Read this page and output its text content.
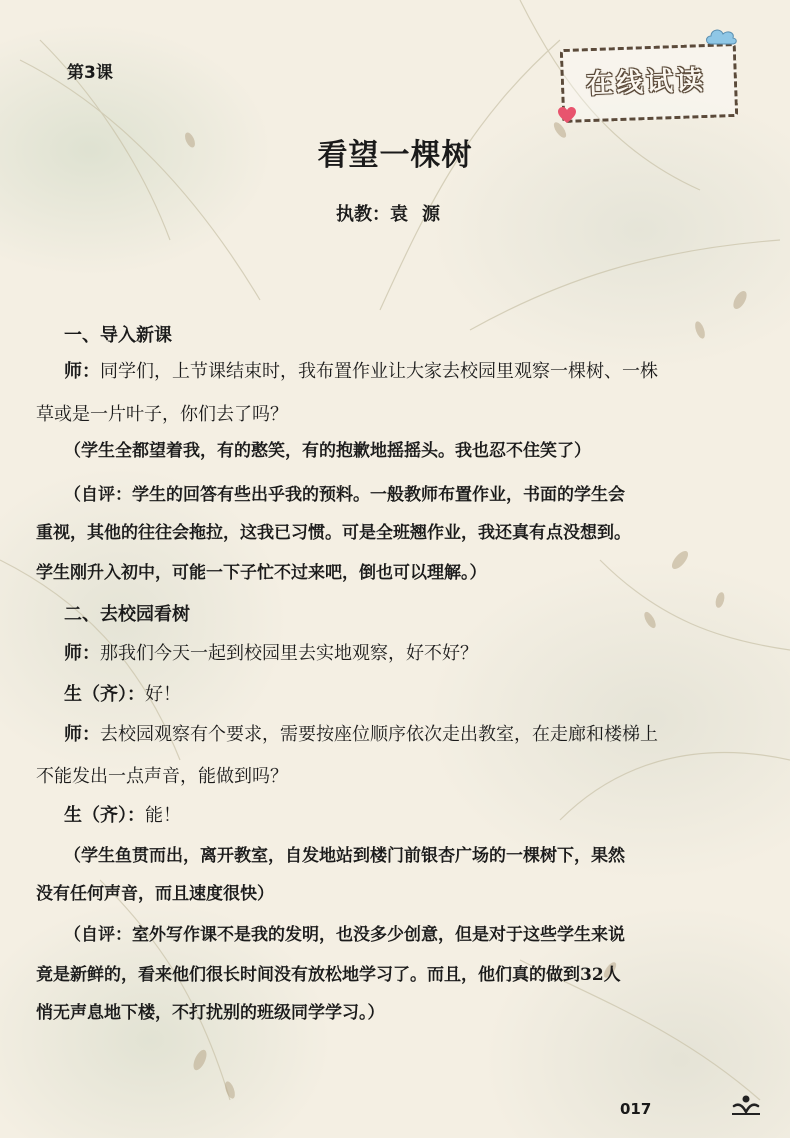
第3课	在线试读
看望一棵树
执教：袁源
一、导入新课
师：同学们，上节课结束时，我布置作业让大家去校园里观察一棵树、一株
草或是一片叶子，你们去了吗？
（学生全都望着我，有的憨笑，有的抱歉地摇摇头。我也忍不住笑了）
（自评：学生的回答有些出乎我的预料。一般教师布置作业，书面的学生会
重视，其他的往往会拖拉，这我已习惯。可是全班翘作业，我还真有点没想到。
学生刚升入初中，可能一下子忙不过来吧，倒也可以理解。）
二、去校园看树
师：那我们今天一起到校园里去实地观察，好不好？
生（齐）：好！
师：去校园观察有个要求，需要按座位顺序依次走出教室，在走廊和楼梯上
不能发出一点声音，能做到吗？
生（齐）：能！
（学生鱼贯而出，离开教室，自发地站到楼门前银杏广场的一棵树下，果然
没有任何声音，而且速度很快）
（自评：室外写作课不是我的发明，也没多少创意，但是对于这些学生来说
竟是新鲜的，看来他们很长时间没有放松地学习了。而且，他们真的做到32人
悄无声息地下楼，不打扰别的班级同学学习。）
017
